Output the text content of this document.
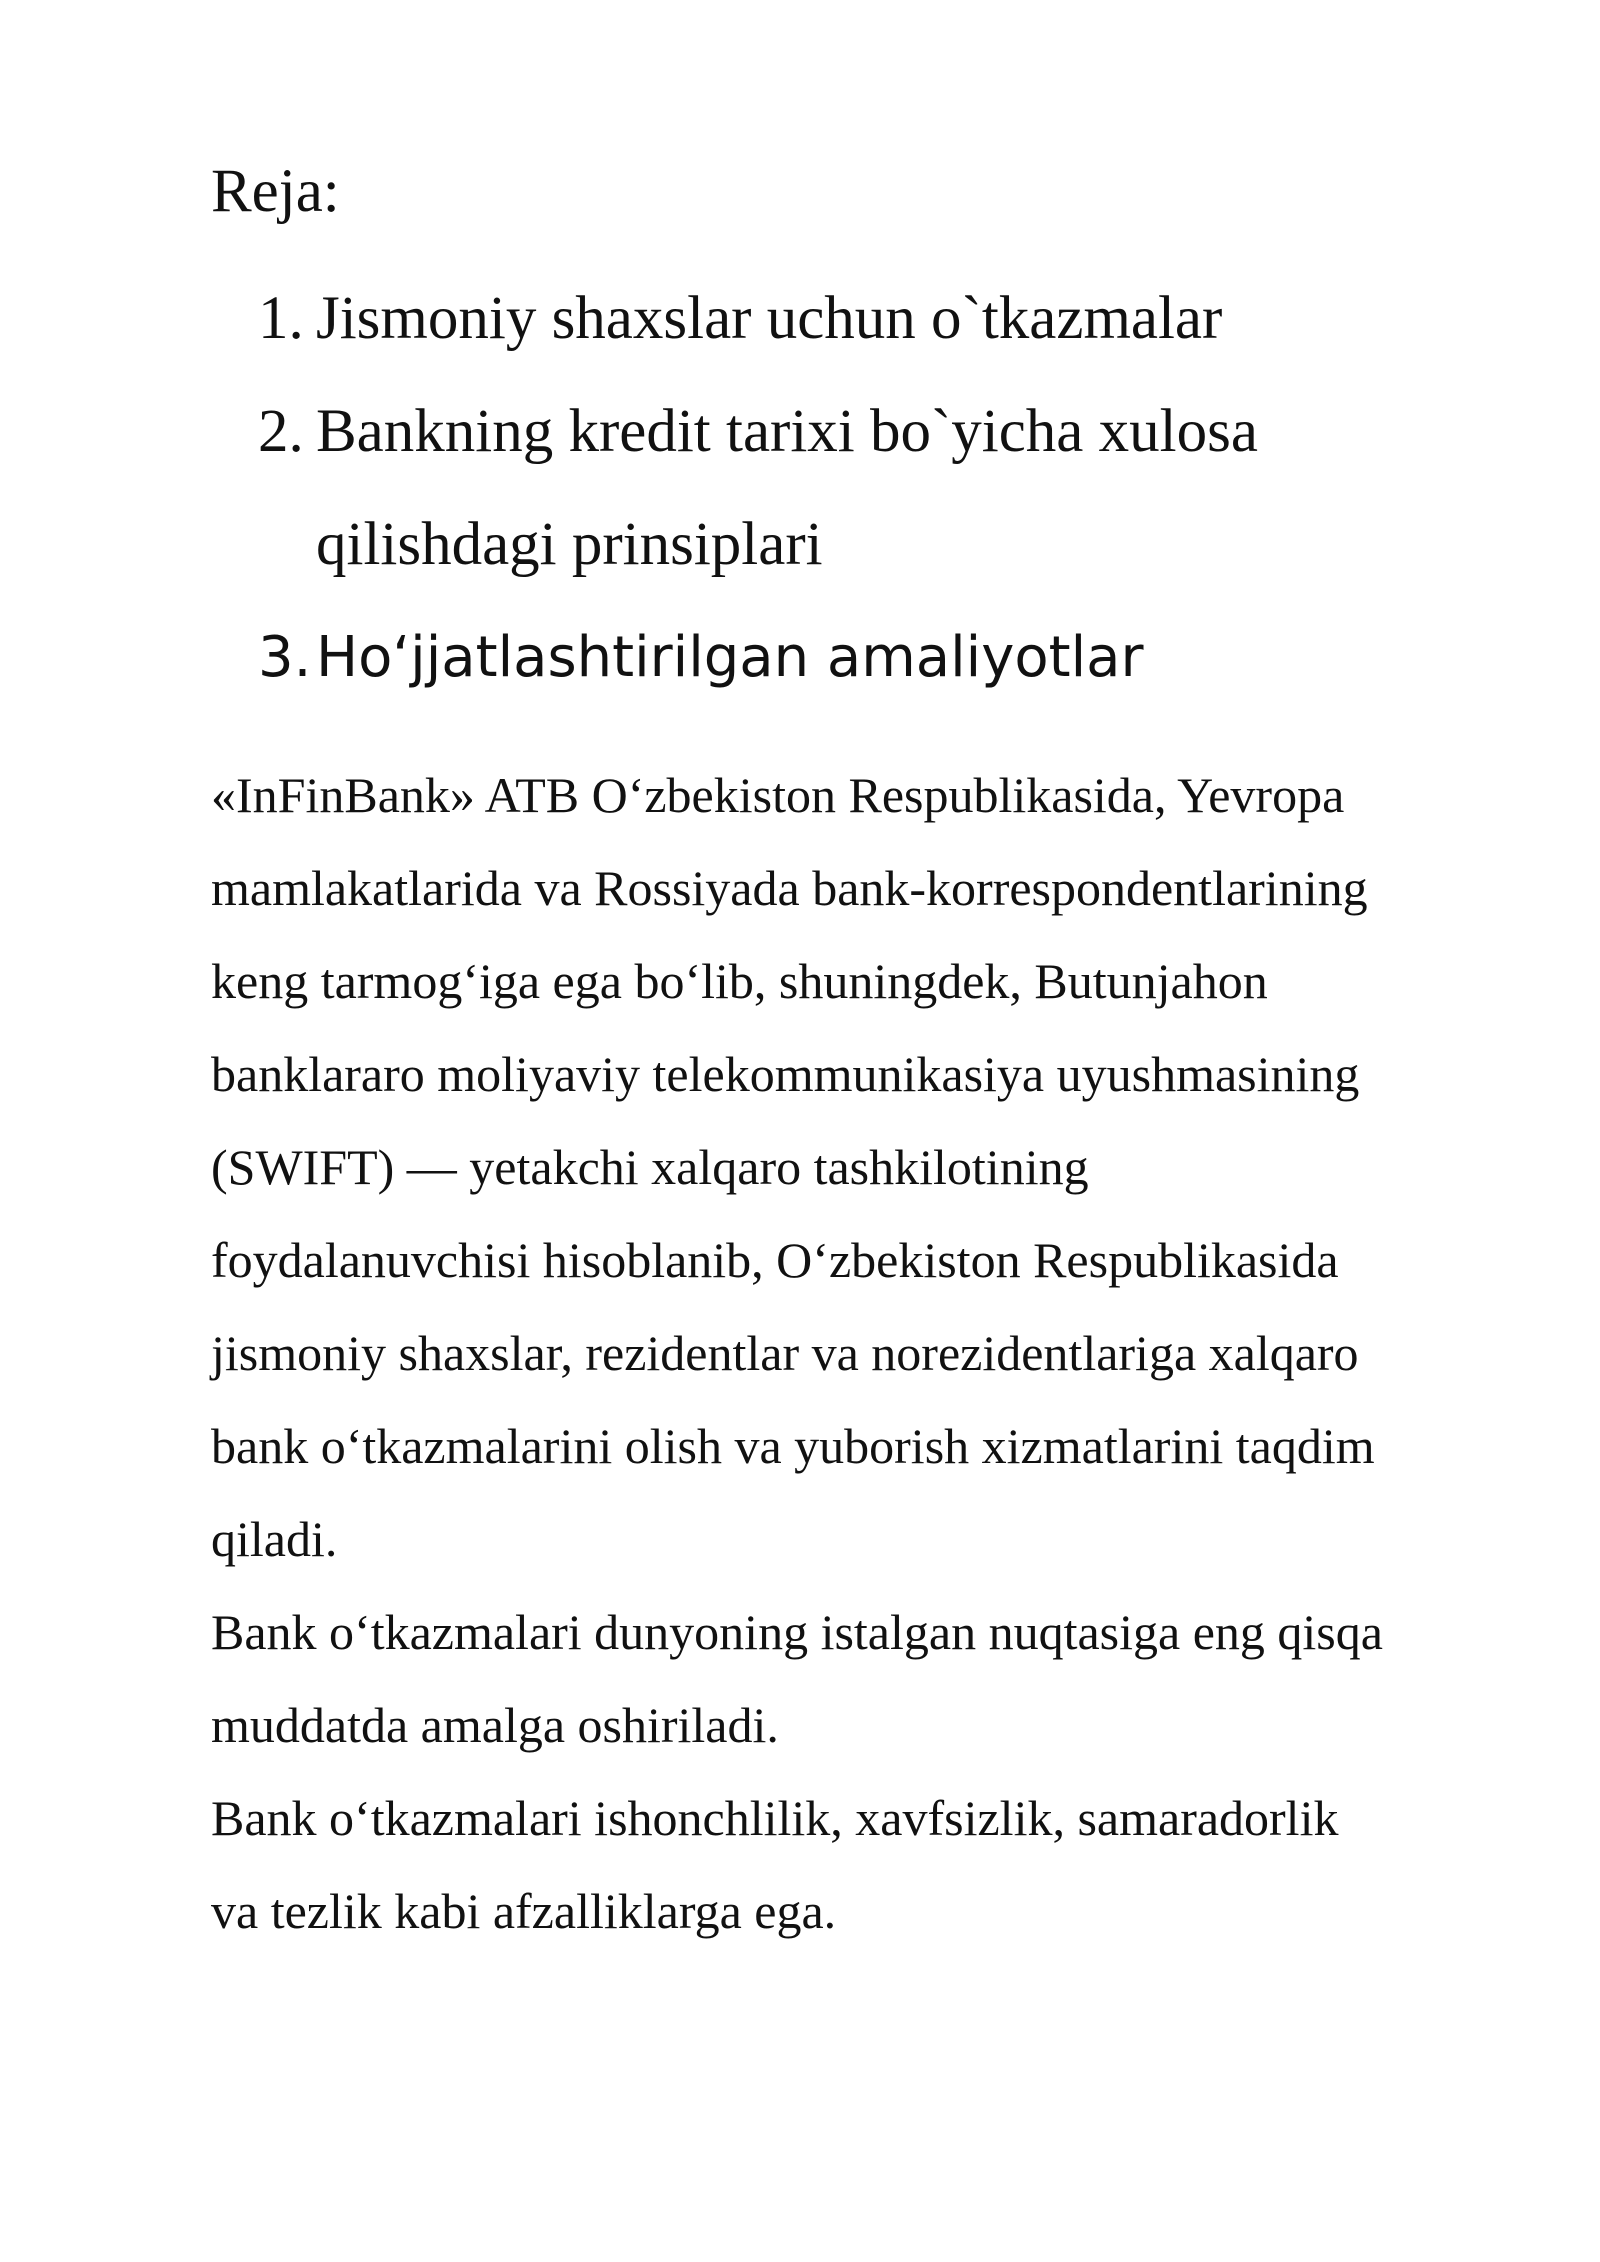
Reja:
1. Jismoniy shaxslar uchun o`tkazmalar
2. Bankning kredit tarixi bo`yicha xulosa
qilishdagi prinsiplari
3. Ho‘jjatlashtirilgan amaliyotlar

«InFinBank» ATB O‘zbekiston Respublikasida, Yevropa
mamlakatlarida va Rossiyada bank-korrespondentlarining
keng tarmog‘iga ega bo‘lib, shuningdek, Butunjahon
banklararo moliyaviy telekommunikasiya uyushmasining
(SWIFT) — yetakchi xalqaro tashkilotining
foydalanuvchisi hisoblanib, O‘zbekiston Respublikasida
jismoniy shaxslar, rezidentlar va norezidentlariga xalqaro
bank o‘tkazmalarini olish va yuborish xizmatlarini taqdim
qiladi.

Bank o‘tkazmalari dunyoning istalgan nuqtasiga eng qisqa
muddatda amalga oshiriladi.

Bank o‘tkazmalari ishonchlilik, xavfsizlik, samaradorlik
va tezlik kabi afzalliklarga ega.
